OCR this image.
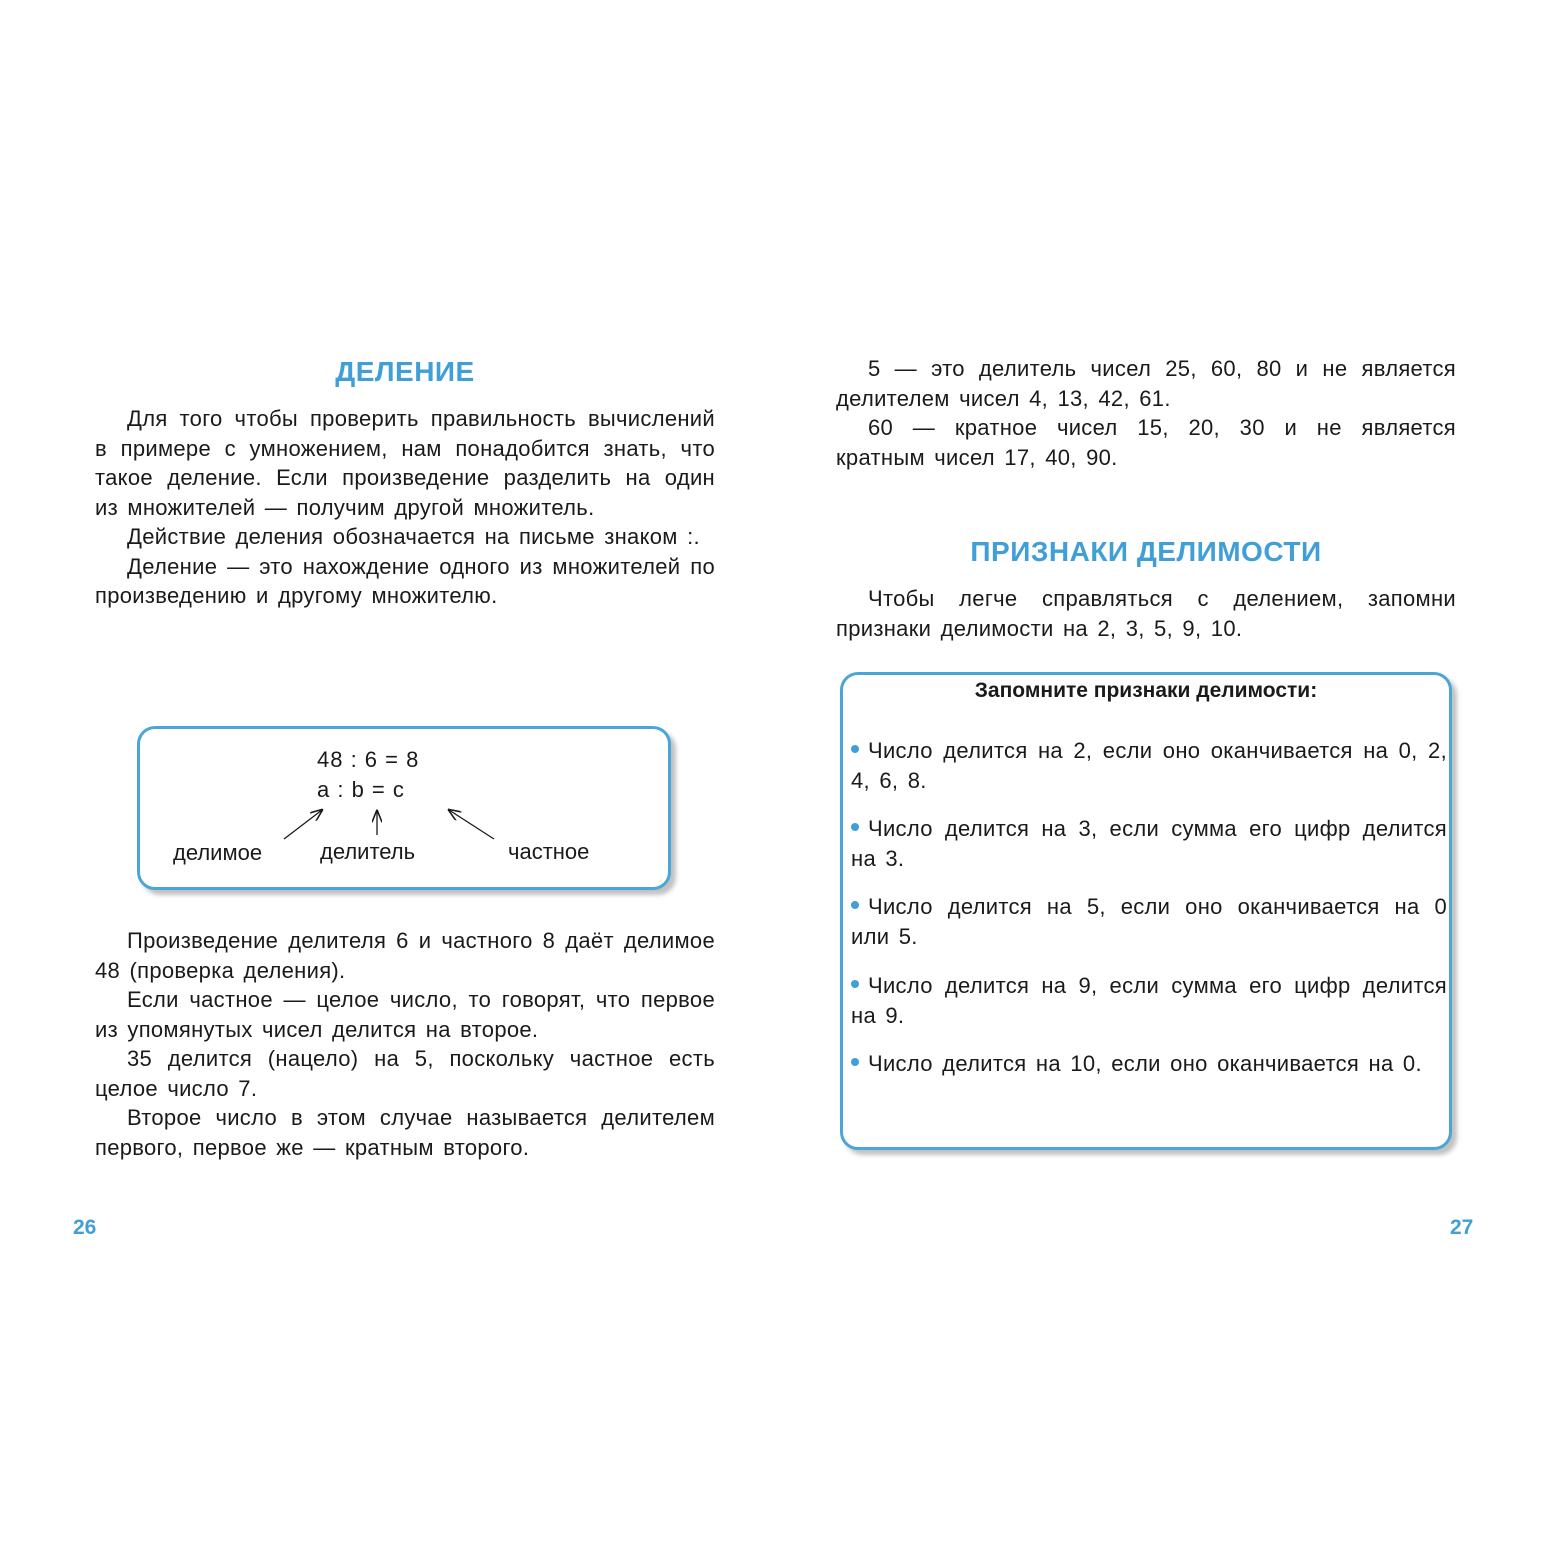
ДЕЛЕНИЕ

Для того чтобы проверить правильность вычислений в примере с умножением, нам понадобится знать, что такое деление. Если произведение разделить на один из множителей — получим другой множитель.

Действие деления обозначается на письме знаком :.

Деление — это нахождение одного из множителей по произведению и другому множителю.

48 : 6 = 8
a : b = c
делимое	делитель	частное

Произведение делителя 6 и частного 8 даёт делимое 48 (проверка деления).

Если частное — целое число, то говорят, что первое из упомянутых чисел делится на второе.

35 делится (нацело) на 5, поскольку частное есть целое число 7.

Второе число в этом случае называется делителем первого, первое же — кратным второго.

26

5 — это делитель чисел 25, 60, 80 и не является делителем чисел 4, 13, 42, 61.

60 — кратное чисел 15, 20, 30 и не является кратным чисел 17, 40, 90.

ПРИЗНАКИ ДЕЛИМОСТИ

Чтобы легче справляться с делением, запомни признаки делимости на 2, 3, 5, 9, 10.

Запомните признаки делимости:
Число делится на 2, если оно оканчивается на 0, 2, 4, 6, 8.
Число делится на 3, если сумма его цифр делится на 3.
Число делится на 5, если оно оканчивается на 0 или 5.
Число делится на 9, если сумма его цифр делится на 9.
Число делится на 10, если оно оканчивается на 0.
27
